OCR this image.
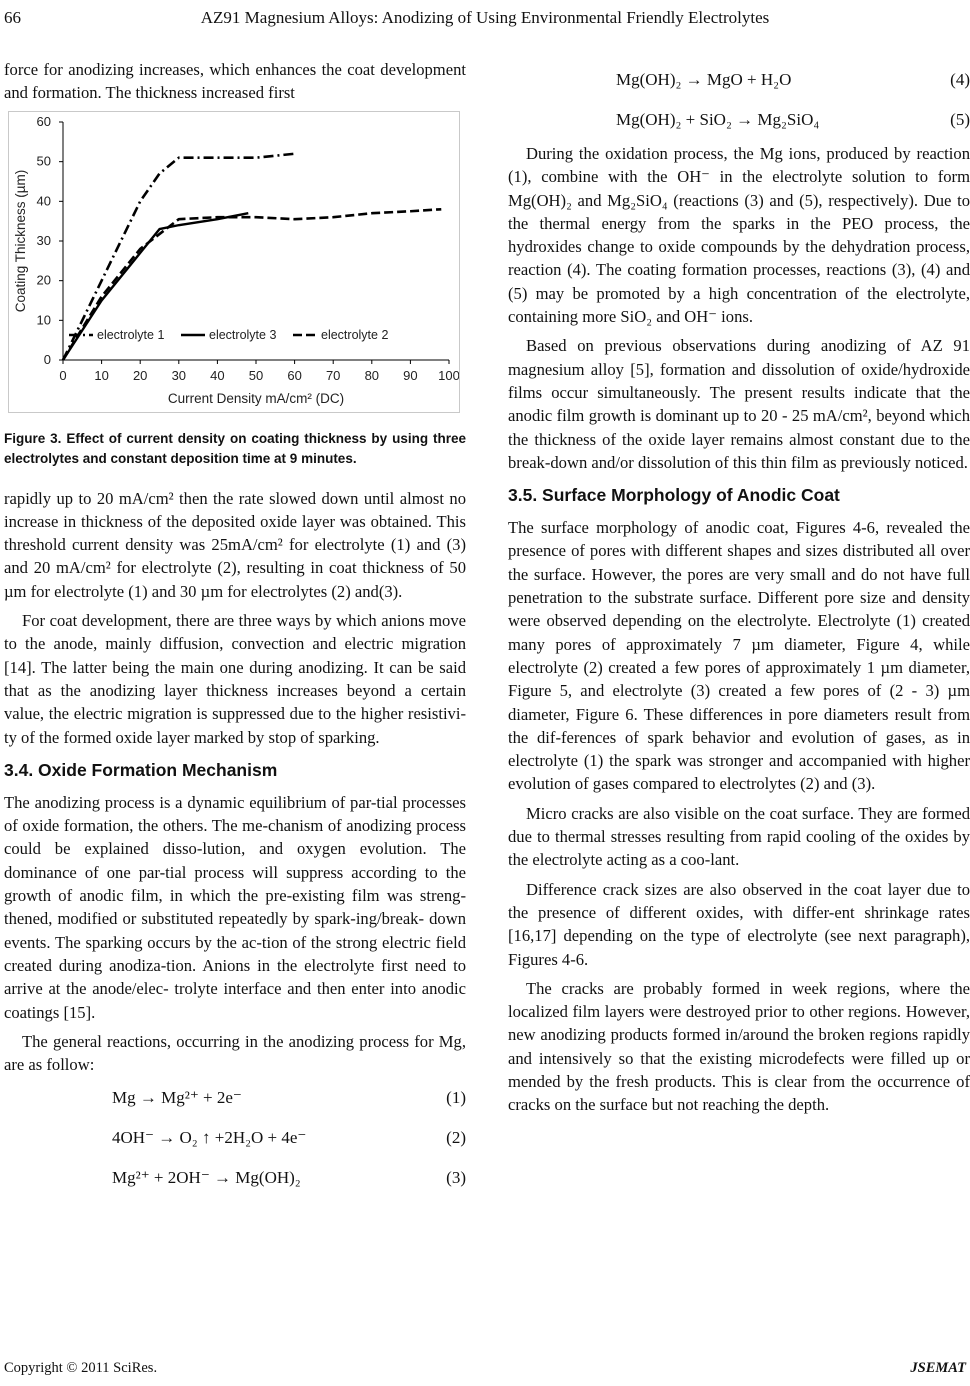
66	AZ91 Magnesium Alloys: Anodizing of Using Environmental Friendly Electrolytes

force for anodizing increases, which enhances the coat development and formation. The thickness increased first

0 10 20 30 40 50 60 70 80 90 100
0
10
20
30
40
50
60
Current Density mA/cm² (DC)
Coating Thickness (µm)
electrolyte 1	electrolyte 3	electrolyte 2
Figure 3. Effect of current density on coating thickness by using three electrolytes and constant deposition time at 9 minutes.

rapidly up to 20 mA/cm² then the rate slowed down until almost no increase in thickness of the deposited oxide layer was obtained. This threshold current density was 25mA/cm² for electrolyte (1) and (3) and 20 mA/cm² for electrolyte (2), resulting in coat thickness of 50 µm for electrolyte (1) and 30 µm for electrolytes (2) and(3).

For coat development, there are three ways by which anions move to the anode, mainly diffusion, convection and electric migration [14]. The latter being the main one during anodizing. It can be said that as the anodizing layer thickness increases beyond a certain value, the electric migration is suppressed due to the higher resistivi-ty of the formed oxide layer marked by stop of sparking.

3.4. Oxide Formation Mechanism

The anodizing process is a dynamic equilibrium of par-tial processes of oxide formation, the others. The me-chanism of anodizing process could be explained disso-lution, and oxygen evolution. The dominance of one par-tial process will suppress according to the growth of anodic film, in which the pre-existing film was streng-thened, modified or substituted repeatedly by spark-ing/break- down events. The sparking occurs by the ac-tion of the strong electric field created during anodiza-tion. Anions in the electrolyte first need to arrive at the anode/elec- trolyte interface and then enter into anodic coatings [15].

The general reactions, occurring in the anodizing process for Mg, are as follow:

Mg → Mg²⁺ + 2e⁻	(1)
4OH⁻ → O₂ ↑ +2H₂O + 4e⁻	(2)
Mg²⁺ + 2OH⁻ → Mg(OH)₂	(3)
Mg(OH)₂ → MgO + H₂O	(4)
Mg(OH)₂ + SiO₂ → Mg₂SiO₄	(5)

During the oxidation process, the Mg ions, produced by reaction (1), combine with the OH⁻ in the electrolyte solution to form Mg(OH)₂ and Mg₂SiO₄ (reactions (3) and (5), respectively). Due to the thermal energy from the sparks in the PEO process, the hydroxides change to oxide compounds by the dehydration process, reaction (4). The coating formation processes, reactions (3), (4) and (5) may be promoted by a high concentration of the electrolyte, containing more SiO₂ and OH⁻ ions.

Based on previous observations during anodizing of AZ 91 magnesium alloy [5], formation and dissolution of oxide/hydroxide films occur simultaneously. The present results indicate that the anodic film growth is dominant up to 20 - 25 mA/cm², beyond which the thickness of the oxide layer remains almost constant due to the break-down and/or dissolution of this thin film as previously noticed.

3.5. Surface Morphology of Anodic Coat

The surface morphology of anodic coat, Figures 4-6, revealed the presence of pores with different shapes and sizes distributed all over the surface. However, the pores are very small and do not have full penetration to the substrate surface. Different pore size and density were observed depending on the electrolyte. Electrolyte (1) created many pores of approximately 7 µm diameter, Figure 4, while electrolyte (2) created a few pores of approximately 1 µm diameter, Figure 5, and electrolyte (3) created a few pores of (2 - 3) µm diameter, Figure 6. These differences in pore diameters result from the dif-ferences of spark behavior and evolution of gases, as in electrolyte (1) the spark was stronger and accompanied with higher evolution of gases compared to electrolytes (2) and (3).

Micro cracks are also visible on the coat surface. They are formed due to thermal stresses resulting from rapid cooling of the oxides by the electrolyte acting as a coo-lant.

Difference crack sizes are also observed in the coat layer due to the presence of different oxides, with differ-ent shrinkage rates [16,17] depending on the type of electrolyte (see next paragraph), Figures 4-6.

The cracks are probably formed in week regions, where the localized film layers were destroyed prior to other regions. However, new anodizing products formed in/around the broken regions rapidly and intensively so that the existing microdefects were filled up or mended by the fresh products. This is clear from the occurrence of cracks on the surface but not reaching the depth.

Copyright © 2011 SciRes.	JSEMAT
